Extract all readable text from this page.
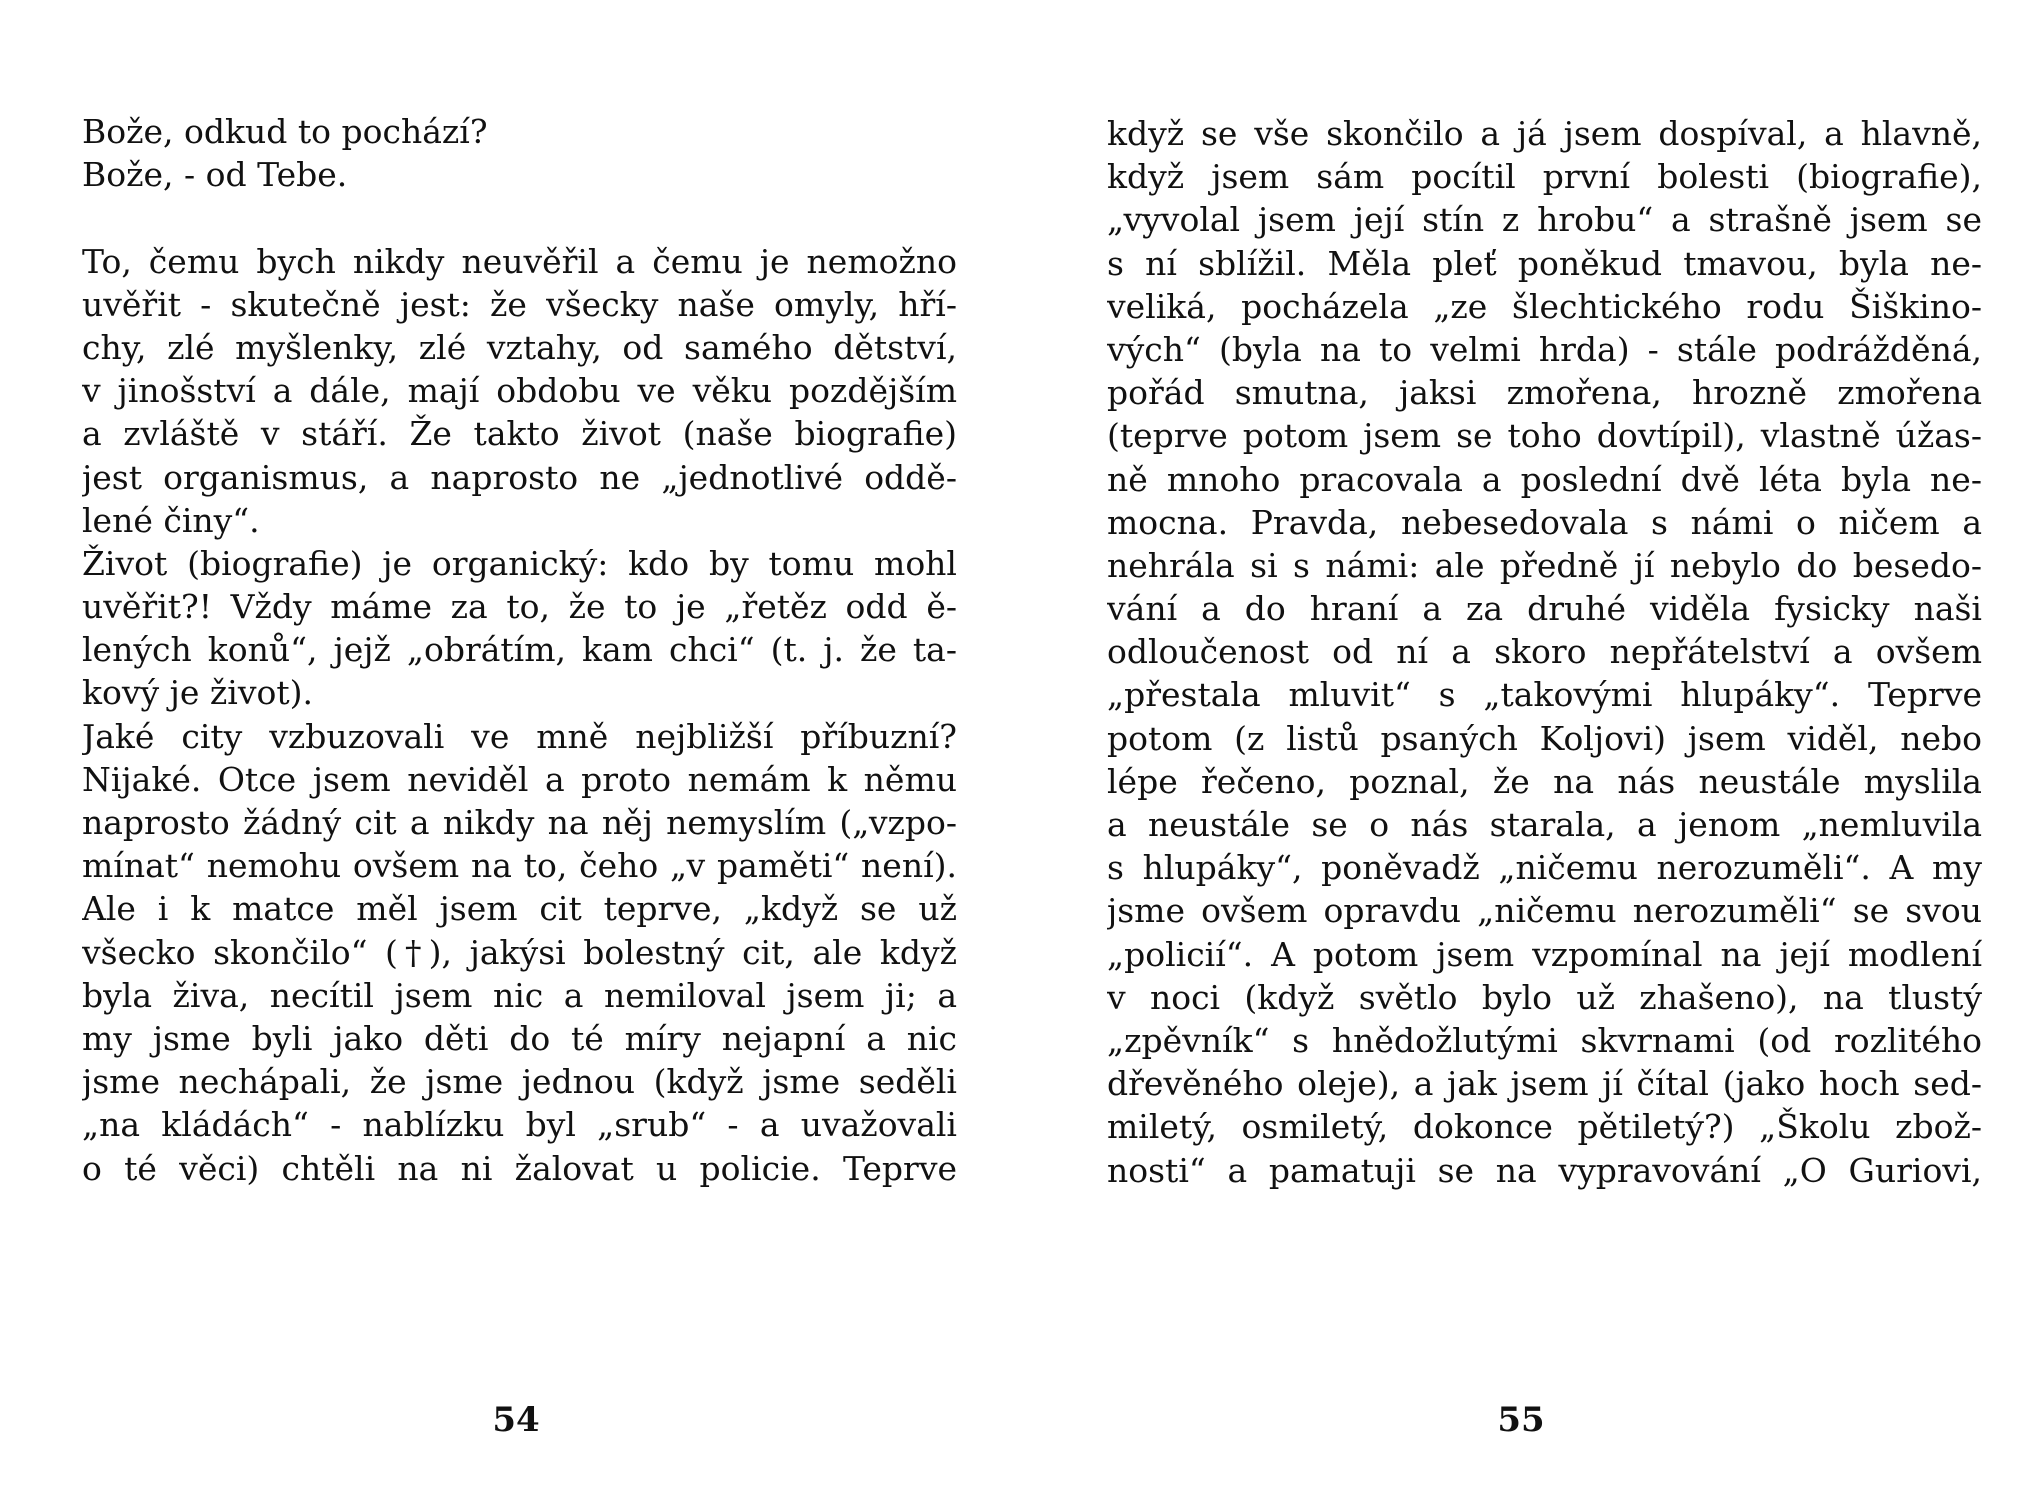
Bože, odkud to pochází?
Bože, - od Tebe.
To, čemu bych nikdy neuvěřil a čemu je nemožno
uvěřit - skutečně jest: že všecky naše omyly, hří-
chy, zlé myšlenky, zlé vztahy, od samého dětství,
v jinošství a dále, mají obdobu ve věku pozdějším
a zvláště v stáří. Že takto život (naše biografie)
jest organismus, a naprosto ne „jednotlivé oddě-
lené činy“.
Život (biografie) je organický: kdo by tomu mohl
uvěřit?! Vždy máme za to, že to je „řetěz odd ě-
lených konů“, jejž „obrátím, kam chci“ (t. j. že ta-
kový je život).
Jaké city vzbuzovali ve mně nejbližší příbuzní?
Nijaké. Otce jsem neviděl a proto nemám k němu
naprosto žádný cit a nikdy na něj nemyslím („vzpo-
mínat“ nemohu ovšem na to, čeho „v paměti“ není).
Ale i k matce měl jsem cit teprve, „když se už
všecko skončilo“ (†), jakýsi bolestný cit, ale když
byla živa, necítil jsem nic a nemiloval jsem ji; a
my jsme byli jako děti do té míry nejapní a nic
jsme nechápali, že jsme jednou (když jsme seděli
„na kládách“ - nablízku byl „srub“ - a uvažovali
o té věci) chtěli na ni žalovat u policie. Teprve
54
když se vše skončilo a já jsem dospíval, a hlavně,
když jsem sám pocítil první bolesti (biografie),
„vyvolal jsem její stín z hrobu“ a strašně jsem se
s ní sblížil. Měla pleť poněkud tmavou, byla ne-
veliká, pocházela „ze šlechtického rodu Šiškino-
vých“ (byla na to velmi hrda) - stále podrážděná,
pořád smutna, jaksi zmořena, hrozně zmořena
(teprve potom jsem se toho dovtípil), vlastně úžas-
ně mnoho pracovala a poslední dvě léta byla ne-
mocna. Pravda, nebesedovala s námi o ničem a
nehrála si s námi: ale předně jí nebylo do besedo-
vání a do hraní a za druhé viděla fysicky naši
odloučenost od ní a skoro nepřátelství a ovšem
„přestala mluvit“ s „takovými hlupáky“. Teprve
potom (z listů psaných Koljovi) jsem viděl, nebo
lépe řečeno, poznal, že na nás neustále myslila
a neustále se o nás starala, a jenom „nemluvila
s hlupáky“, poněvadž „ničemu nerozuměli“. A my
jsme ovšem opravdu „ničemu nerozuměli“ se svou
„policií“. A potom jsem vzpomínal na její modlení
v noci (když světlo bylo už zhašeno), na tlustý
„zpěvník“ s hnědožlutými skvrnami (od rozlitého
dřevěného oleje), a jak jsem jí čítal (jako hoch sed-
miletý, osmiletý, dokonce pětiletý?) „Školu zbož-
nosti“ a pamatuji se na vypravování „O Guriovi,
55
